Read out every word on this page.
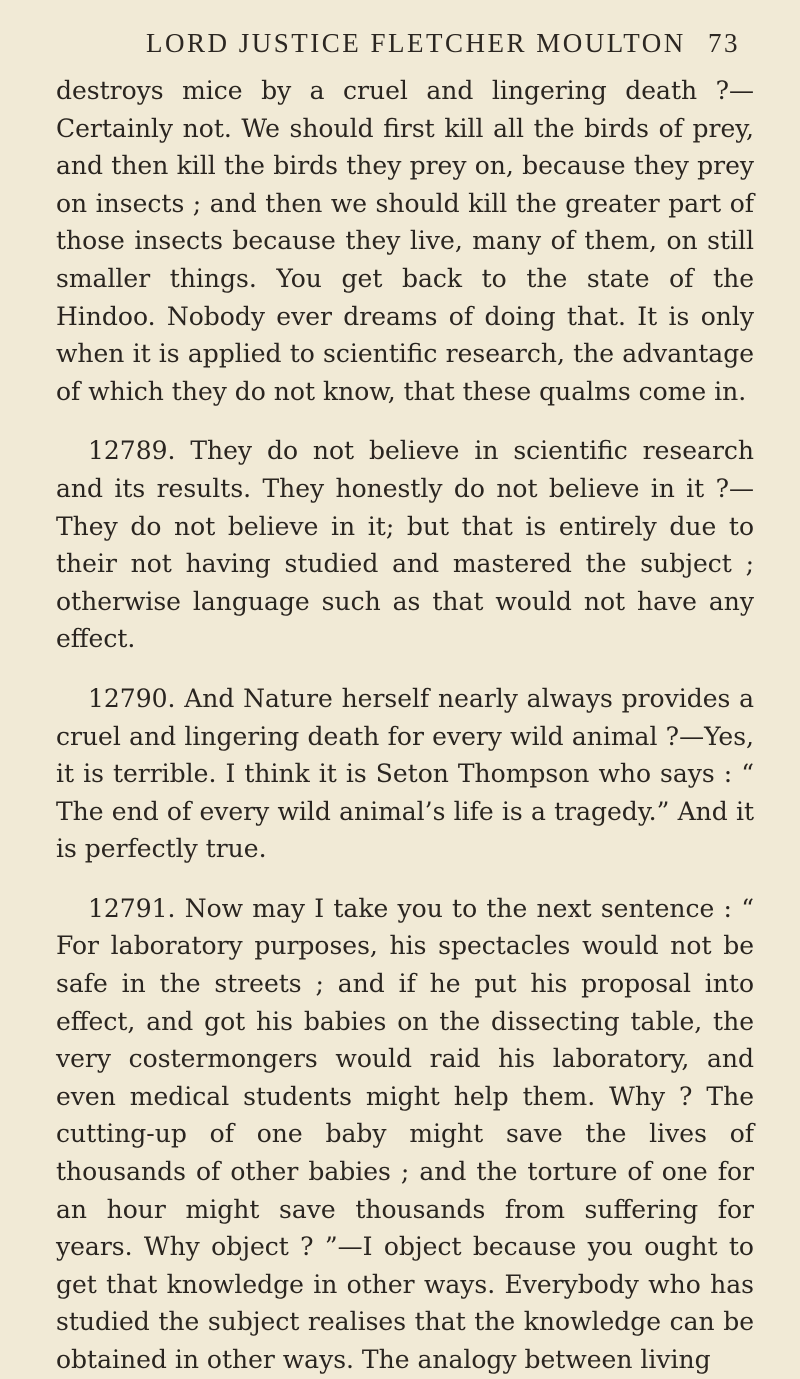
LORD JUSTICE FLETCHER MOULTON 73

destroys mice by a cruel and lingering death ?—Certainly not. We should first kill all the birds of prey, and then kill the birds they prey on, because they prey on insects ; and then we should kill the greater part of those insects because they live, many of them, on still smaller things. You get back to the state of the Hindoo. Nobody ever dreams of doing that. It is only when it is applied to scientific research, the advantage of which they do not know, that these qualms come in.

12789. They do not believe in scientific research and its results. They honestly do not believe in it ?—They do not believe in it; but that is entirely due to their not having studied and mastered the subject ; otherwise language such as that would not have any effect.

12790. And Nature herself nearly always provides a cruel and lingering death for every wild animal ?—Yes, it is terrible. I think it is Seton Thompson who says : “ The end of every wild animal’s life is a tragedy.” And it is perfectly true.

12791. Now may I take you to the next sentence : “ For laboratory purposes, his spectacles would not be safe in the streets ; and if he put his proposal into effect, and got his babies on the dissecting table, the very costermongers would raid his laboratory, and even medical students might help them. Why ? The cutting-up of one baby might save the lives of thousands of other babies ; and the torture of one for an hour might save thousands from suffering for years. Why object ? ”—I object because you ought to get that knowledge in other ways. Everybody who has studied the subject realises that the knowledge can be obtained in other ways. The analogy between living
